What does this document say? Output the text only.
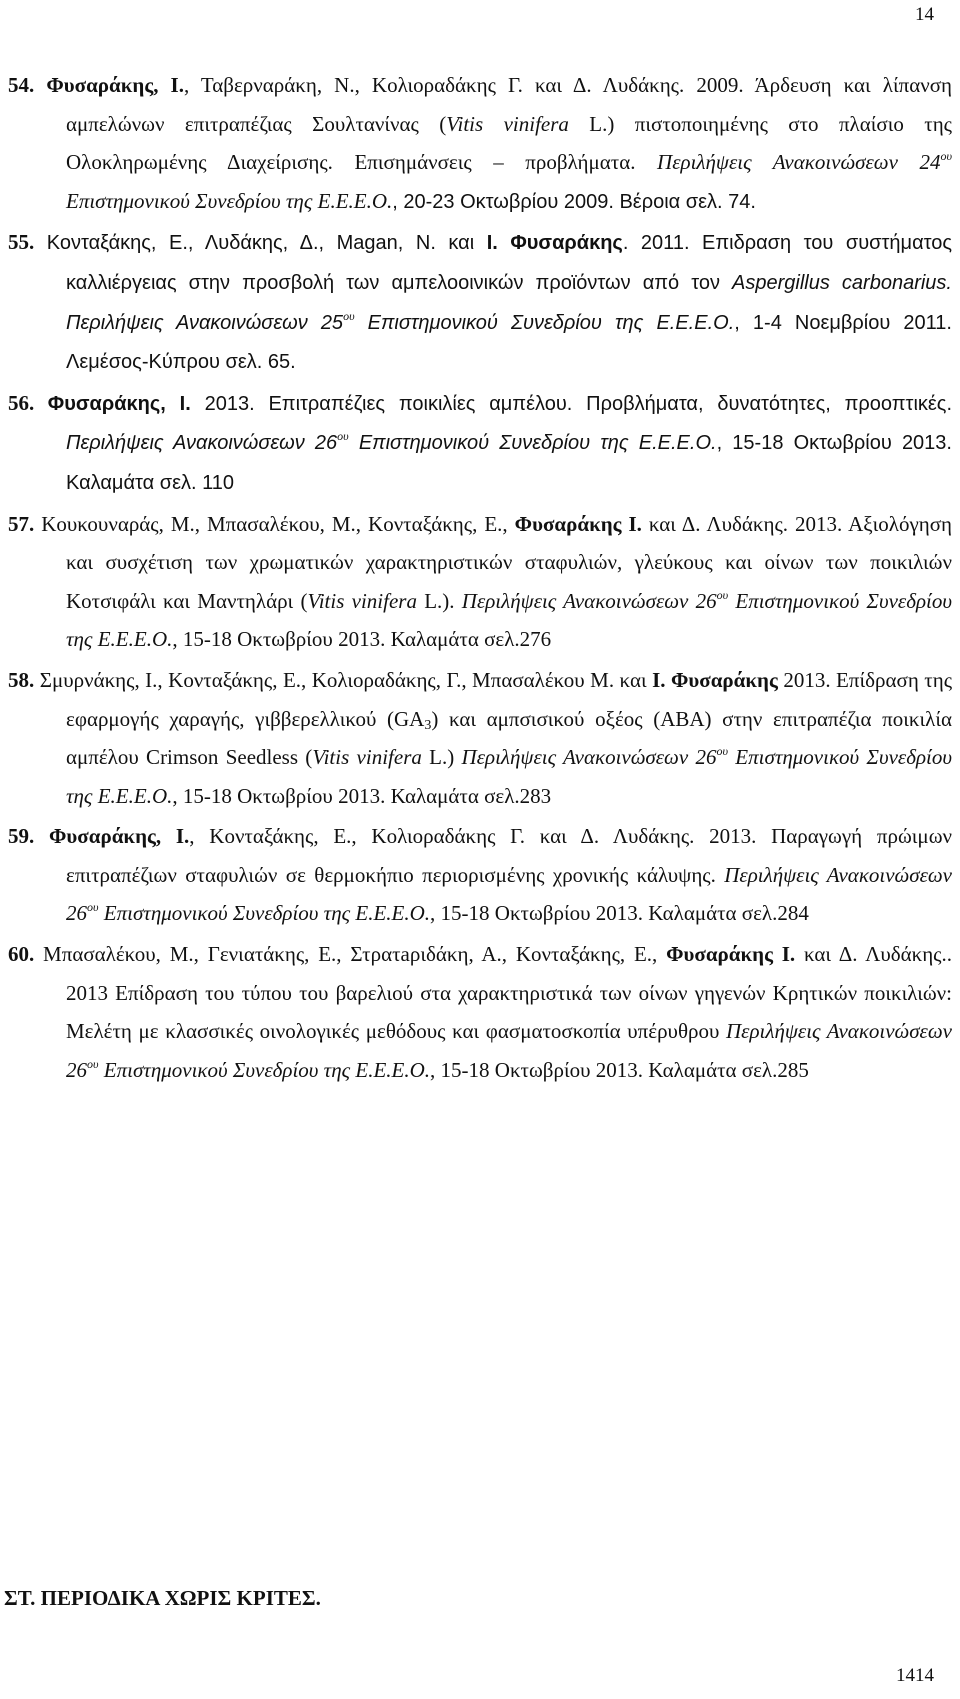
14
54. Φυσαράκης, Ι., Ταβερναράκη, Ν., Κολιοραδάκης Γ. και Δ. Λυδάκης. 2009. Άρδευση και λίπανση αμπελώνων επιτραπέζιας Σουλτανίνας (Vitis vinifera L.) πιστοποιημένης στο πλαίσιο της Ολοκληρωμένης Διαχείρισης. Επισημάνσεις – προβλήματα. Περιλήψεις Ανακοινώσεων $24^{o\upsilon}$ Επιστημονικού Συνεδρίου της Ε.Ε.Ε.Ο., 20-23 Οκτωβρίου 2009. Βέροια σελ. 74.
55. Κονταξάκης, Ε., Λυδάκης, Δ., Magan, N. και Ι. Φυσαράκης. 2011. Επιδραση του συστήματος καλλιέργειας στην προσβολή των αμπελοοινικών προϊόντων από τον Aspergillus carbonarius. Περιλήψεις Ανακοινώσεων $25^{o\upsilon}$ Επιστημονικού Συνεδρίου της Ε.Ε.Ε.Ο., 1-4 Νοεμβρίου 2011. Λεμέσος-Κύπρου σελ. 65.
56. Φυσαράκης, Ι. 2013. Επιτραπέζιες ποικιλίες αμπέλου. Προβλήματα, δυνατότητες, προοπτικές. Περιλήψεις Ανακοινώσεων $26^{o\upsilon}$ Επιστημονικού Συνεδρίου της Ε.Ε.Ε.Ο., 15-18 Οκτωβρίου 2013. Καλαμάτα σελ. 110
57. Κουκουναράς, Μ., Μπασαλέκου, Μ., Κονταξάκης, Ε., Φυσαράκης Ι. και Δ. Λυδάκης. 2013. Αξιολόγηση και συσχέτιση των χρωματικών χαρακτηριστικών σταφυλιών, γλεύκους και οίνων των ποικιλιών Κοτσιφάλι και Μαντηλάρι (Vitis vinifera L.). Περιλήψεις Ανακοινώσεων $26^{o\upsilon}$ Επιστημονικού Συνεδρίου της Ε.Ε.Ε.Ο., 15-18 Οκτωβρίου 2013. Καλαμάτα σελ.276
58. Σμυρνάκης, Ι., Κονταξάκης, Ε., Κολιοραδάκης, Γ., Μπασαλέκου Μ. και Ι. Φυσαράκης 2013. Επίδραση της εφαρμογής χαραγής, γιββερελλικού $(GA_3)$ και αμπσισικού οξέος (ABA) στην επιτραπέζια ποικιλία αμπέλου Crimson Seedless (Vitis vinifera L.) Περιλήψεις Ανακοινώσεων $26^{o\upsilon}$ Επιστημονικού Συνεδρίου της Ε.Ε.Ε.Ο., 15-18 Οκτωβρίου 2013. Καλαμάτα σελ.283
59. Φυσαράκης, Ι., Κονταξάκης, Ε., Κολιοραδάκης Γ. και Δ. Λυδάκης. 2013. Παραγωγή πρώιμων επιτραπέζιων σταφυλιών σε θερμοκήπιο περιορισμένης χρονικής κάλυψης. Περιλήψεις Ανακοινώσεων $26^{o\upsilon}$ Επιστημονικού Συνεδρίου της Ε.Ε.Ε.Ο., 15-18 Οκτωβρίου 2013. Καλαμάτα σελ.284
60. Μπασαλέκου, Μ., Γενιατάκης, Ε., Στρατaριδάκη, Α., Κονταξάκης, Ε., Φυσαράκης Ι. και Δ. Λυδάκης.. 2013 Επίδραση του τύπου του βαρελιού στα χαρακτηριστικά των οίνων γηγενών Κρητικών ποικιλιών: Μελέτη με κλασσικές οινολογικές μεθόδους και φασματοσκοπία υπέρυθρου Περιλήψεις Ανακοινώσεων $26^{o\upsilon}$ Επιστημονικού Συνεδρίου της Ε.Ε.Ε.Ο., 15-18 Οκτωβρίου 2013. Καλαμάτα σελ.285
ΣΤ. ΠΕΡΙΟΔΙΚΑ ΧΩΡΙΣ ΚΡΙΤΕΣ.
1414
